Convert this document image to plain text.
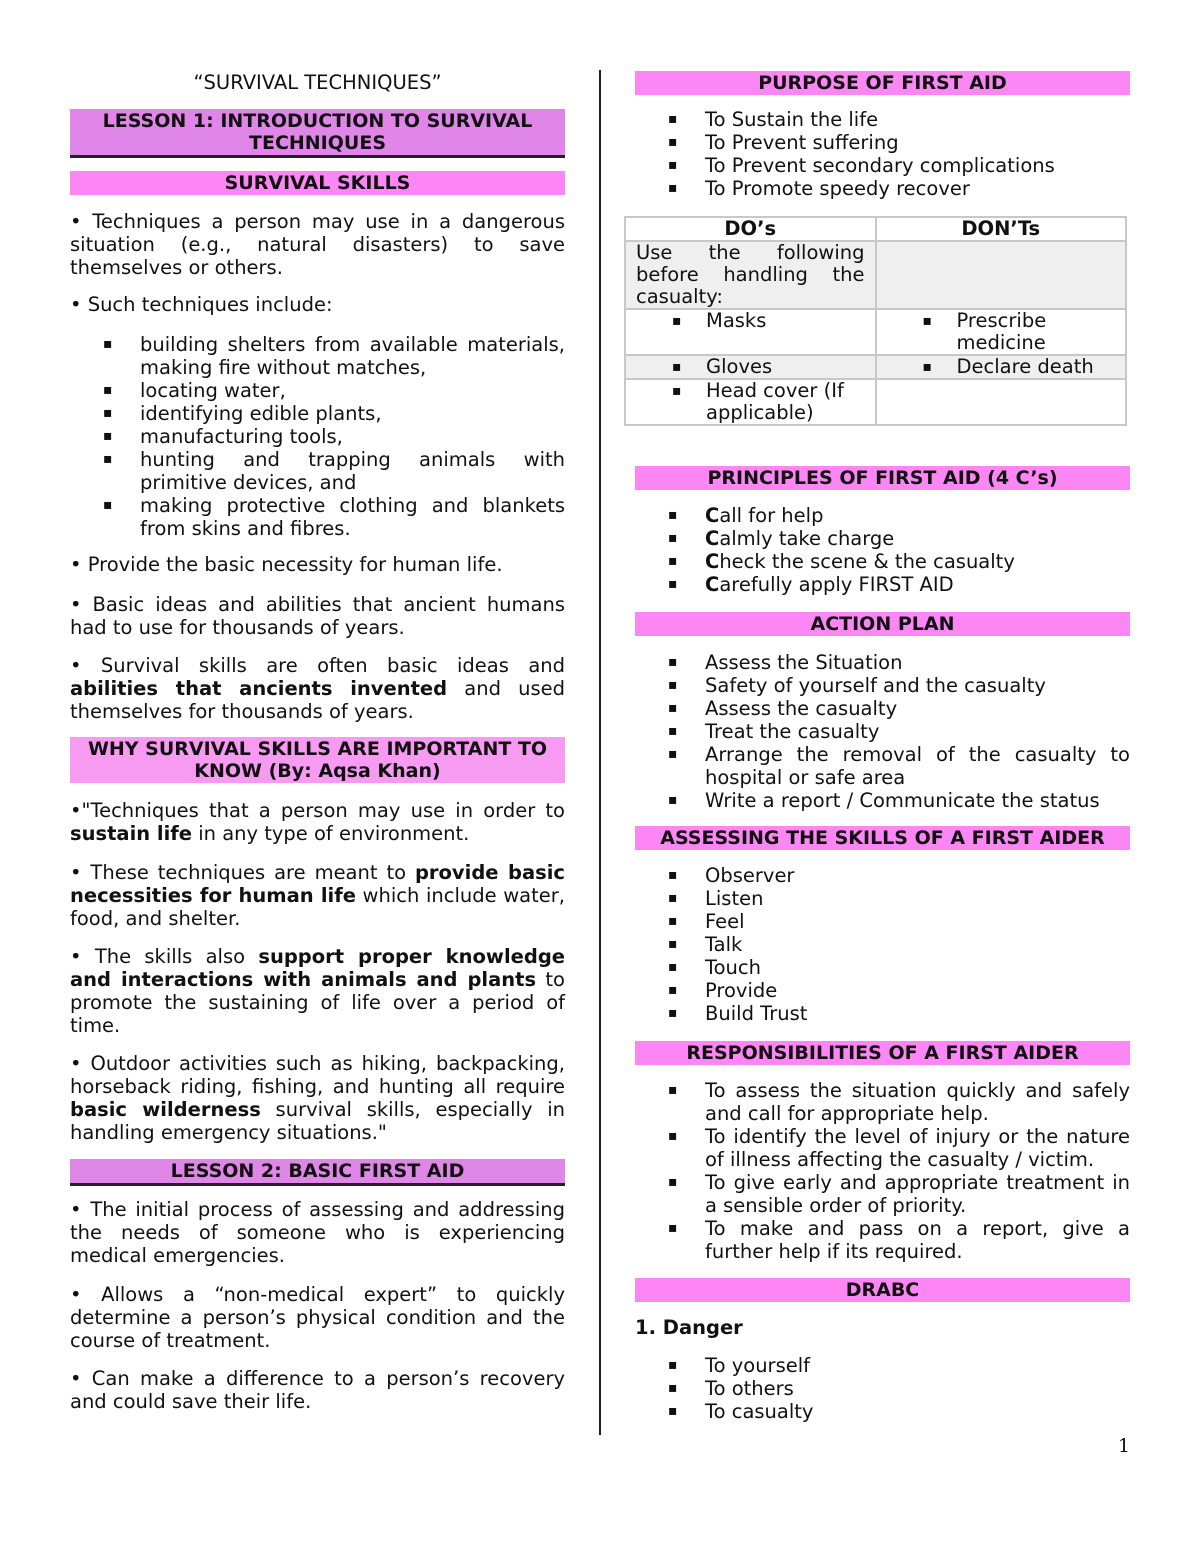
“SURVIVAL TECHNIQUES”
LESSON 1: INTRODUCTION TO SURVIVAL TECHNIQUES
SURVIVAL SKILLS

• Techniques a person may use in a dangerous situation (e.g., natural disasters) to save themselves or others.

• Such techniques include:

▪ building shelters from available materials, making fire without matches,
▪ locating water,
▪ identifying edible plants,
▪ manufacturing tools,
▪ hunting and trapping animals with primitive devices, and
▪ making protective clothing and blankets from skins and fibres.

• Provide the basic necessity for human life.

• Basic ideas and abilities that ancient humans had to use for thousands of years.

• Survival skills are often basic ideas and abilities that ancients invented and used themselves for thousands of years.

WHY SURVIVAL SKILLS ARE IMPORTANT TO KNOW (By: Aqsa Khan)

•"Techniques that a person may use in order to sustain life in any type of environment.

• These techniques are meant to provide basic necessities for human life which include water, food, and shelter.

• The skills also support proper knowledge and interactions with animals and plants to promote the sustaining of life over a period of time.

• Outdoor activities such as hiking, backpacking, horseback riding, fishing, and hunting all require basic wilderness survival skills, especially in handling emergency situations."

LESSON 2: BASIC FIRST AID

• The initial process of assessing and addressing the needs of someone who is experiencing medical emergencies.

• Allows a “non-medical expert” to quickly determine a person’s physical condition and the course of treatment.

• Can make a difference to a person’s recovery and could save their life.

PURPOSE OF FIRST AID
▪ To Sustain the life
▪ To Prevent suffering
▪ To Prevent secondary complications
▪ To Promote speedy recover
PRINCIPLES OF FIRST AID (4 C’s)
▪ Call for help
▪ Calmly take charge
▪ Check the scene & the casualty
▪ Carefully apply FIRST AID
ACTION PLAN
▪ Assess the Situation
▪ Safety of yourself and the casualty
▪ Assess the casualty
▪ Treat the casualty
▪ Arrange the removal of the casualty to hospital or safe area
▪ Write a report / Communicate the status
ASSESSING THE SKILLS OF A FIRST AIDER
▪ Observer
▪ Listen
▪ Feel
▪ Talk
▪ Touch
▪ Provide
▪ Build Trust
RESPONSIBILITIES OF A FIRST AIDER
▪ To assess the situation quickly and safely and call for appropriate help.
▪ To identify the level of injury or the nature of illness affecting the casualty / victim.
▪ To give early and appropriate treatment in a sensible order of priority.
▪ To make and pass on a report, give a further help if its required.
DRABC
1. Danger
▪ To yourself
▪ To others
▪ To casualty
DO’s	DON’Ts
Use the following before handling the casualty:	
▪ Masks	▪ Prescribe medicine
▪ Gloves	▪ Declare death
▪ Head cover (If applicable)	
1
